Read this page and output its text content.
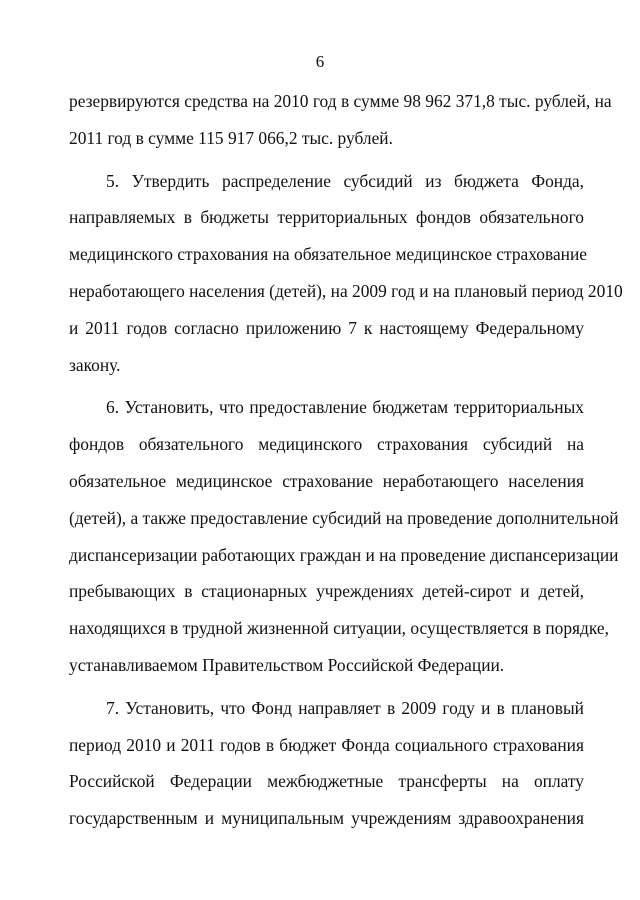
6
резервируются средства на 2010 год в сумме 98 962 371,8 тыс. рублей, на
2011 год в сумме 115 917 066,2 тыс. рублей.
5. Утвердить распределение субсидий из бюджета Фонда,
направляемых в бюджеты территориальных фондов обязательного
медицинского страхования на обязательное медицинское страхование
неработающего населения (детей), на 2009 год и на плановый период 2010
и 2011 годов согласно приложению 7 к настоящему Федеральному
закону.
6. Установить, что предоставление бюджетам территориальных
фондов обязательного медицинского страхования субсидий на
обязательное медицинское страхование неработающего населения
(детей), а также предоставление субсидий на проведение дополнительной
диспансеризации работающих граждан и на проведение диспансеризации
пребывающих в стационарных учреждениях детей-сирот и детей,
находящихся в трудной жизненной ситуации, осуществляется в порядке,
устанавливаемом Правительством Российской Федерации.
7. Установить, что Фонд направляет в 2009 году и в плановый
период 2010 и 2011 годов в бюджет Фонда социального страхования
Российской Федерации межбюджетные трансферты на оплату
государственным и муниципальным учреждениям здравоохранения
